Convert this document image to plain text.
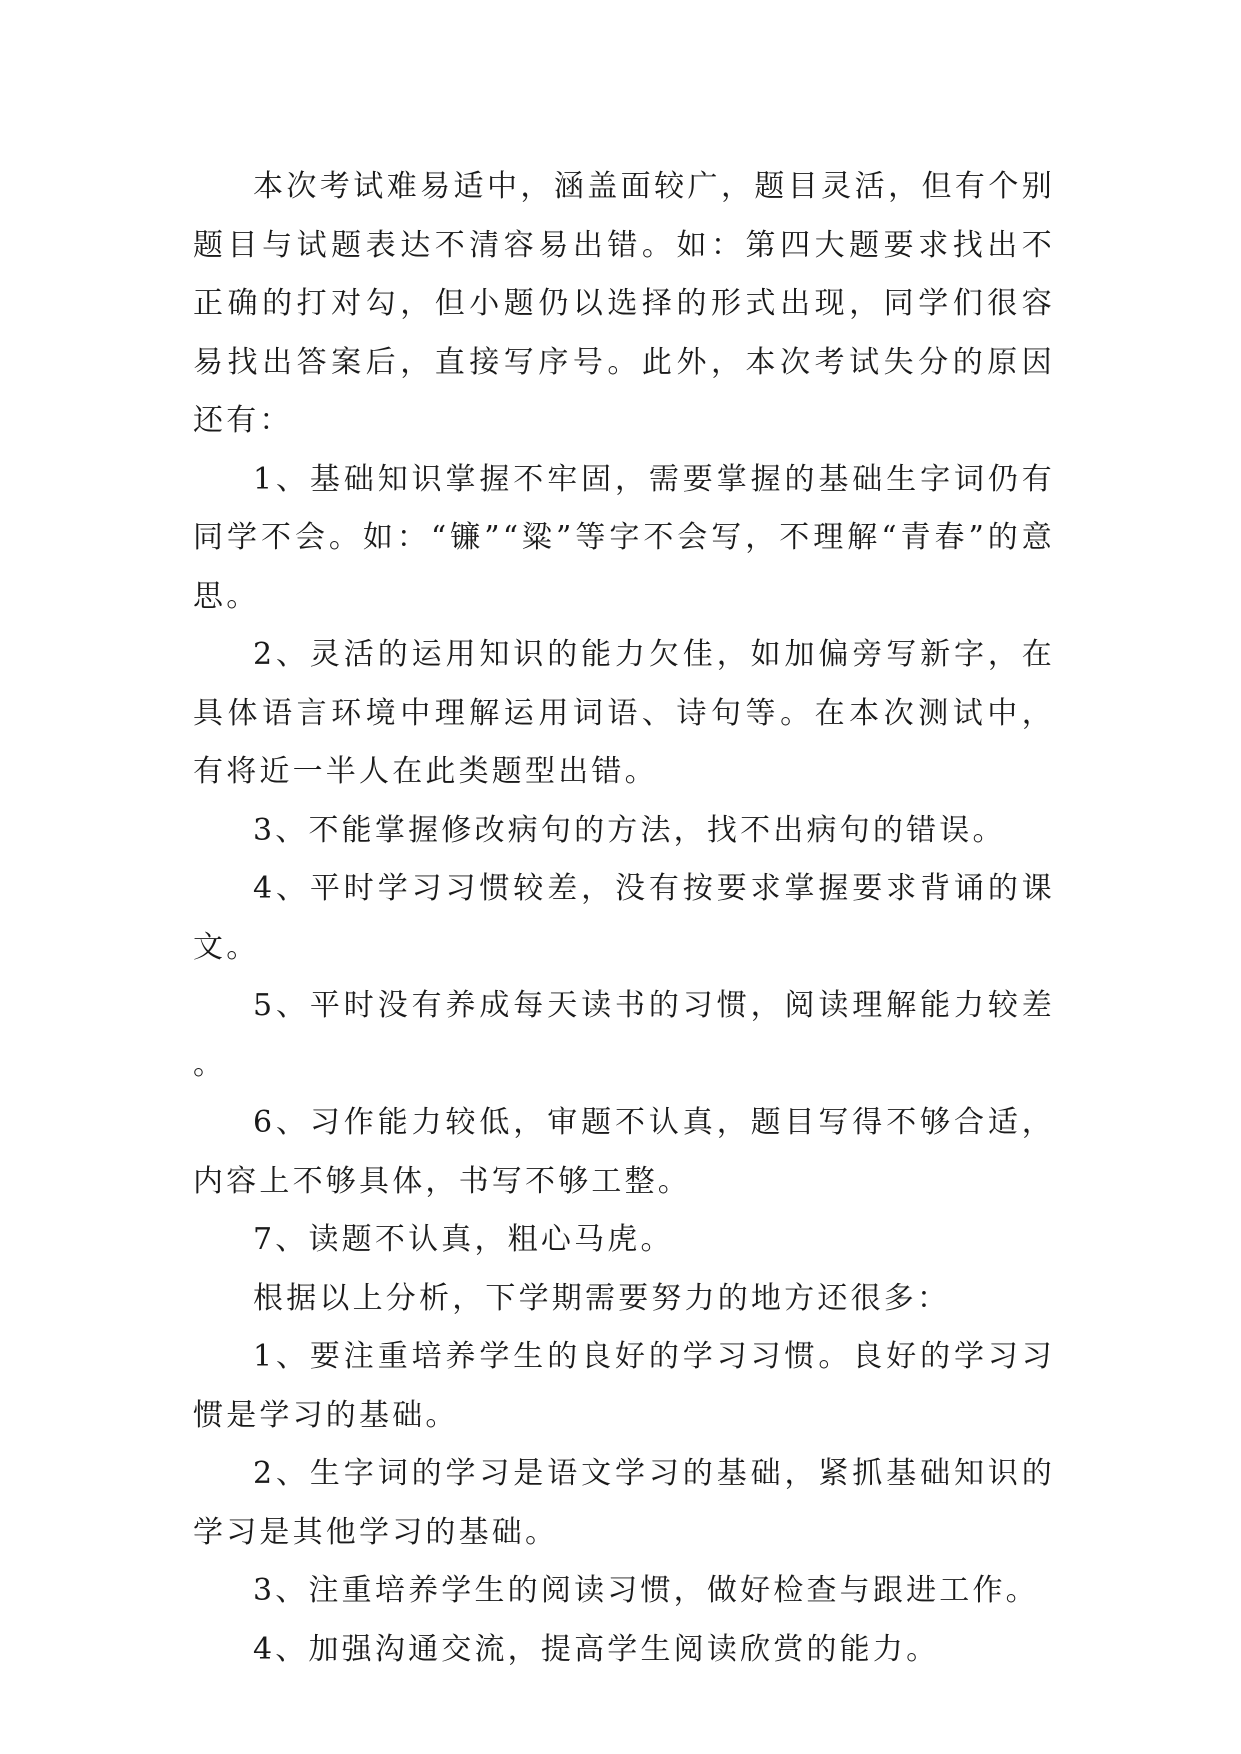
本次考试难易适中，涵盖面较广，题目灵活，但有个别题目与试题表达不清容易出错。如：第四大题要求找出不正确的打对勾，但小题仍以选择的形式出现，同学们很容易找出答案后，直接写序号。此外，本次考试失分的原因还有：

1、基础知识掌握不牢固，需要掌握的基础生字词仍有同学不会。如：“镰”“粱”等字不会写，不理解“青春”的意思。

2、灵活的运用知识的能力欠佳，如加偏旁写新字，在具体语言环境中理解运用词语、诗句等。在本次测试中，有将近一半人在此类题型出错。

3、不能掌握修改病句的方法，找不出病句的错误。

4、平时学习习惯较差，没有按要求掌握要求背诵的课文。

5、平时没有养成每天读书的习惯，阅读理解能力较差。

6、习作能力较低，审题不认真，题目写得不够合适，内容上不够具体，书写不够工整。

7、读题不认真，粗心马虎。

根据以上分析，下学期需要努力的地方还很多：

1、要注重培养学生的良好的学习习惯。良好的学习习惯是学习的基础。

2、生字词的学习是语文学习的基础，紧抓基础知识的学习是其他学习的基础。

3、注重培养学生的阅读习惯，做好检查与跟进工作。

4、加强沟通交流，提高学生阅读欣赏的能力。
